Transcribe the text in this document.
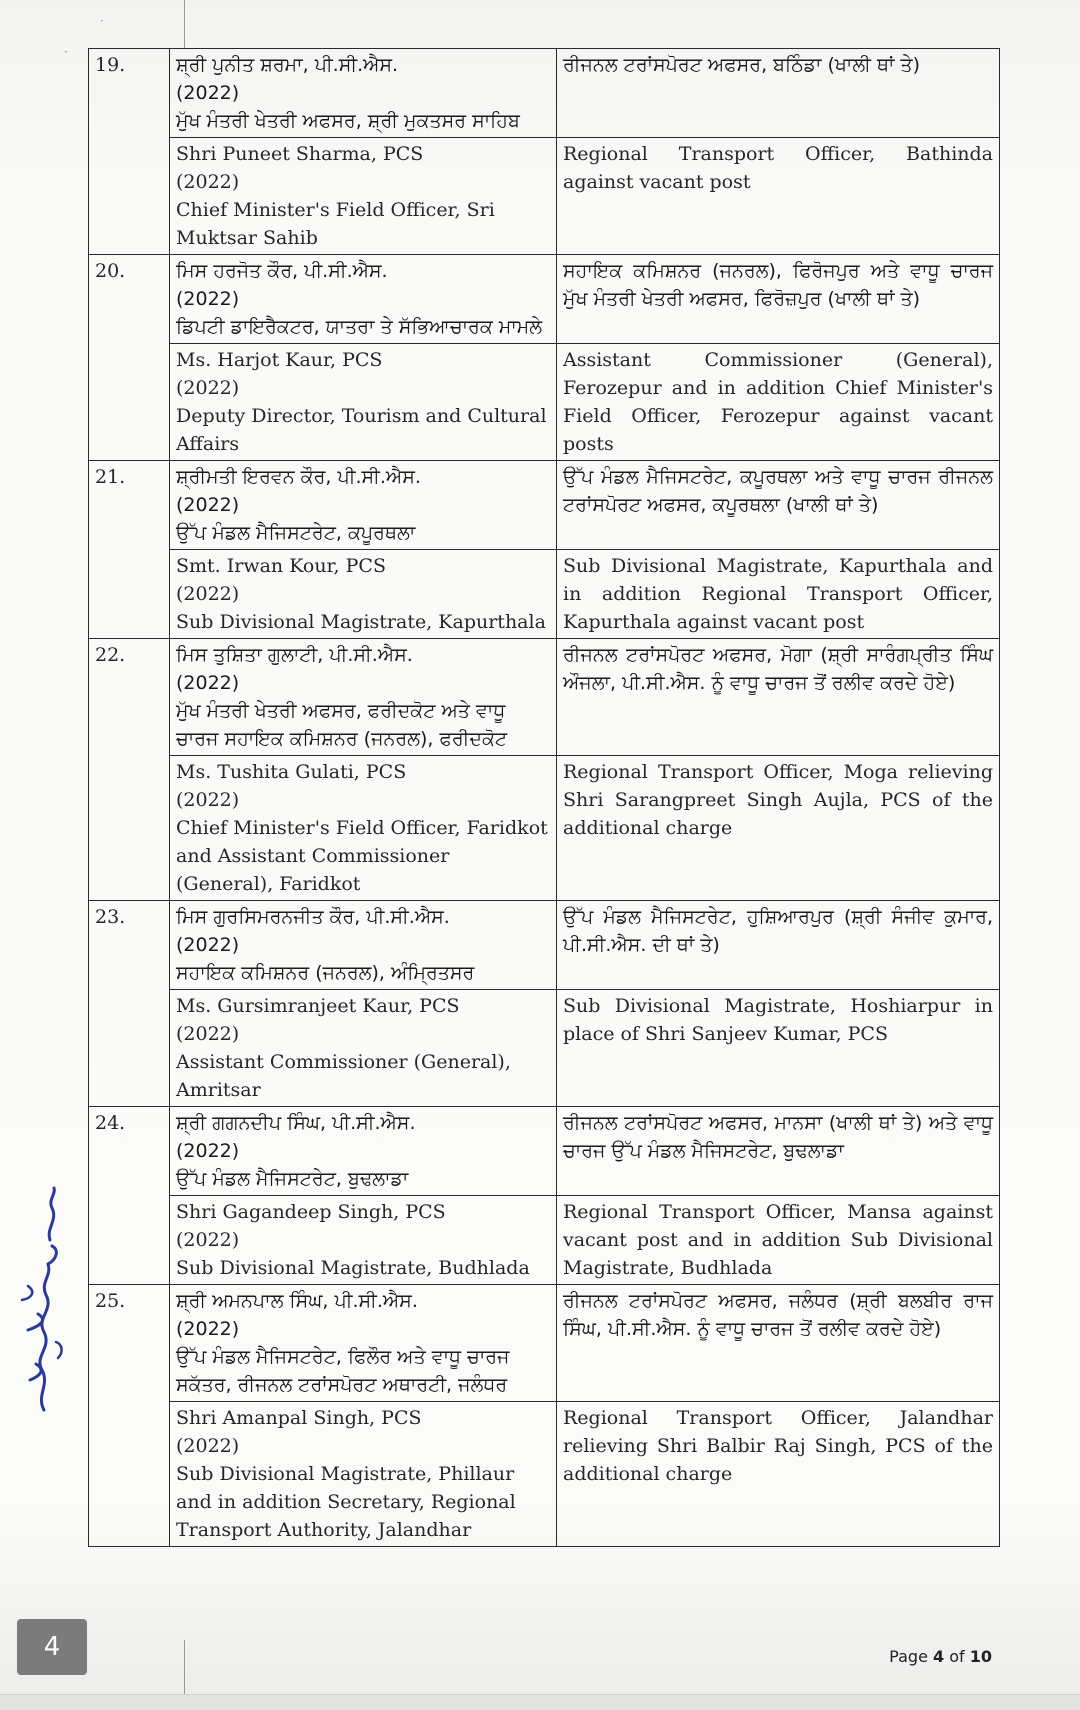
·
·
19.	ਸ਼੍ਰੀ ਪੁਨੀਤ ਸ਼ਰਮਾ, ਪੀ.ਸੀ.ਐਸ.
(2022)
ਮੁੱਖ ਮੰਤਰੀ ਖੇਤਰੀ ਅਫਸਰ, ਸ਼੍ਰੀ ਮੁਕਤਸਰ ਸਾਹਿਬ	ਰੀਜਨਲ ਟਰਾਂਸਪੋਰਟ ਅਫਸਰ, ਬਠਿੰਡਾ (ਖਾਲੀ ਥਾਂ ਤੇ)

	Shri Puneet Sharma, PCS
(2022)
Chief Minister's Field Officer, Sri Muktsar Sahib	Regional Transport Officer, Bathinda against vacant post
20.	ਮਿਸ ਹਰਜੋਤ ਕੌਰ, ਪੀ.ਸੀ.ਐਸ.
(2022)
ਡਿਪਟੀ ਡਾਇਰੈਕਟਰ, ਯਾਤਰਾ ਤੇ ਸੱਭਿਆਚਾਰਕ ਮਾਮਲੇ	ਸਹਾਇਕ ਕਮਿਸ਼ਨਰ (ਜਨਰਲ), ਫਿਰੋਜਪੁਰ ਅਤੇ ਵਾਧੂ ਚਾਰਜ ਮੁੱਖ ਮੰਤਰੀ ਖੇਤਰੀ ਅਫਸਰ, ਫਿਰੋਜ਼ਪੁਰ (ਖਾਲੀ ਥਾਂ ਤੇ)

	Ms. Harjot Kaur, PCS
(2022)
Deputy Director, Tourism and Cultural Affairs	Assistant Commissioner (General), Ferozepur and in addition Chief Minister's Field Officer, Ferozepur against vacant posts
21.	ਸ਼੍ਰੀਮਤੀ ਇਰਵਨ ਕੌਰ, ਪੀ.ਸੀ.ਐਸ.
(2022)
ਉੱਪ ਮੰਡਲ ਮੈਜਿਸਟਰੇਟ, ਕਪੂਰਥਲਾ	ਉੱਪ ਮੰਡਲ ਮੈਜਿਸਟਰੇਟ, ਕਪੂਰਥਲਾ ਅਤੇ ਵਾਧੂ ਚਾਰਜ ਰੀਜਨਲ ਟਰਾਂਸਪੋਰਟ ਅਫਸਰ, ਕਪੂਰਥਲਾ (ਖਾਲੀ ਥਾਂ ਤੇ)

	Smt. Irwan Kour, PCS
(2022)
Sub Divisional Magistrate, Kapurthala	Sub Divisional Magistrate, Kapurthala and in addition Regional Transport Officer, Kapurthala against vacant post
22.	ਮਿਸ ਤੁਸ਼ਿਤਾ ਗੁਲਾਟੀ, ਪੀ.ਸੀ.ਐਸ.
(2022)
ਮੁੱਖ ਮੰਤਰੀ ਖੇਤਰੀ ਅਫਸਰ, ਫਰੀਦਕੋਟ ਅਤੇ ਵਾਧੂ ਚਾਰਜ ਸਹਾਇਕ ਕਮਿਸ਼ਨਰ (ਜਨਰਲ), ਫਰੀਦਕੋਟ	ਰੀਜਨਲ ਟਰਾਂਸਪੋਰਟ ਅਫਸਰ, ਮੋਗਾ (ਸ਼੍ਰੀ ਸਾਰੰਗਪ੍ਰੀਤ ਸਿੰਘ ਔਜਲਾ, ਪੀ.ਸੀ.ਐਸ. ਨੂੰ ਵਾਧੂ ਚਾਰਜ ਤੋਂ ਰਲੀਵ ਕਰਦੇ ਹੋਏ)

	Ms. Tushita Gulati, PCS
(2022)
Chief Minister's Field Officer, Faridkot and Assistant Commissioner (General), Faridkot	Regional Transport Officer, Moga relieving Shri Sarangpreet Singh Aujla, PCS of the additional charge
23.	ਮਿਸ ਗੁਰਸਿਮਰਨਜੀਤ ਕੌਰ, ਪੀ.ਸੀ.ਐਸ.
(2022)
ਸਹਾਇਕ ਕਮਿਸ਼ਨਰ (ਜਨਰਲ), ਅੰਮ੍ਰਿਤਸਰ	ਉੱਪ ਮੰਡਲ ਮੈਜਿਸਟਰੇਟ, ਹੁਸ਼ਿਆਰਪੁਰ (ਸ਼੍ਰੀ ਸੰਜੀਵ ਕੁਮਾਰ, ਪੀ.ਸੀ.ਐਸ. ਦੀ ਥਾਂ ਤੇ)

	Ms. Gursimranjeet Kaur, PCS
(2022)
Assistant Commissioner (General), Amritsar	Sub Divisional Magistrate, Hoshiarpur in place of Shri Sanjeev Kumar, PCS
24.	ਸ਼੍ਰੀ ਗਗਨਦੀਪ ਸਿੰਘ, ਪੀ.ਸੀ.ਐਸ.
(2022)
ਉੱਪ ਮੰਡਲ ਮੈਜਿਸਟਰੇਟ, ਬੁਢਲਾਡਾ	ਰੀਜਨਲ ਟਰਾਂਸਪੋਰਟ ਅਫਸਰ, ਮਾਨਸਾ (ਖਾਲੀ ਥਾਂ ਤੇ) ਅਤੇ ਵਾਧੂ ਚਾਰਜ ਉੱਪ ਮੰਡਲ ਮੈਜਿਸਟਰੇਟ, ਬੁਢਲਾਡਾ

	Shri Gagandeep Singh, PCS
(2022)
Sub Divisional Magistrate, Budhlada	Regional Transport Officer, Mansa against vacant post and in addition Sub Divisional Magistrate, Budhlada
25.	ਸ਼੍ਰੀ ਅਮਨਪਾਲ ਸਿੰਘ, ਪੀ.ਸੀ.ਐਸ.
(2022)
ਉੱਪ ਮੰਡਲ ਮੈਜਿਸਟਰੇਟ, ਫਿਲੌਰ ਅਤੇ ਵਾਧੂ ਚਾਰਜ ਸਕੱਤਰ, ਰੀਜਨਲ ਟਰਾਂਸਪੋਰਟ ਅਥਾਰਟੀ, ਜਲੰਧਰ	ਰੀਜਨਲ ਟਰਾਂਸਪੋਰਟ ਅਫਸਰ, ਜਲੰਧਰ (ਸ਼੍ਰੀ ਬਲਬੀਰ ਰਾਜ ਸਿੰਘ, ਪੀ.ਸੀ.ਐਸ. ਨੂੰ ਵਾਧੂ ਚਾਰਜ ਤੋਂ ਰਲੀਵ ਕਰਦੇ ਹੋਏ)

	Shri Amanpal Singh, PCS
(2022)
Sub Divisional Magistrate, Phillaur and in addition Secretary, Regional Transport Authority, Jalandhar	Regional Transport Officer, Jalandhar relieving Shri Balbir Raj Singh, PCS of the additional charge
4	Page 4 of 10
